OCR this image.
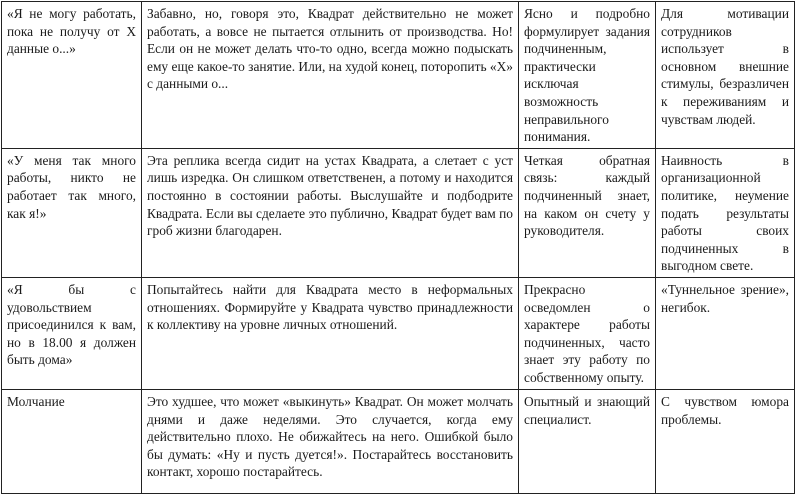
«Я не могу работать, пока не получу от X данные о...»	Забавно, но, говоря это, Квадрат действительно не может работать, а вовсе не пытается отлынить от производства. Но! Если он не может делать что-то одно, всегда можно подыскать ему еще какое-то занятие. Или, на худой конец, поторопить «X» с данными о...	Ясно и подробно формулирует задания подчиненным, практически исключая возможность неправильного понимания.	Для мотивации сотрудников использует в основном внешние стимулы, безразличен к переживаниям и чувствам людей.
«У меня так много работы, никто не работает так много, как я!»	Эта реплика всегда сидит на устах Квадрата, а слетает с уст лишь изредка. Он слишком ответственен, а потому и находится постоянно в состоянии работы. Выслушайте и подбодрите Квадрата. Если вы сделаете это публично, Квадрат будет вам по гроб жизни благодарен.	Четкая обратная связь: каждый подчиненный знает, на каком он счету у руководителя.	Наивность в организационной политике, неумение подать результаты работы своих подчиненных в выгодном свете.
«Я бы с удовольствием присоединился к вам, но в 18.00 я должен быть дома»	Попытайтесь найти для Квадрата место в неформальных отношениях. Формируйте у Квадрата чувство принадлежности к коллективу на уровне личных отношений.	Прекрасно осведомлен о характере работы подчиненных, часто знает эту работу по собственному опыту.	«Туннельное зрение», негибок.
Молчание	Это худшее, что может «выкинуть» Квадрат. Он может молчать днями и даже неделями. Это случается, когда ему действительно плохо. Не обижайтесь на него. Ошибкой было бы думать: «Ну и пусть дуется!». Постарайтесь восстановить контакт, хорошо постарайтесь.	Опытный и знающий специалист.	С чувством юмора проблемы.
